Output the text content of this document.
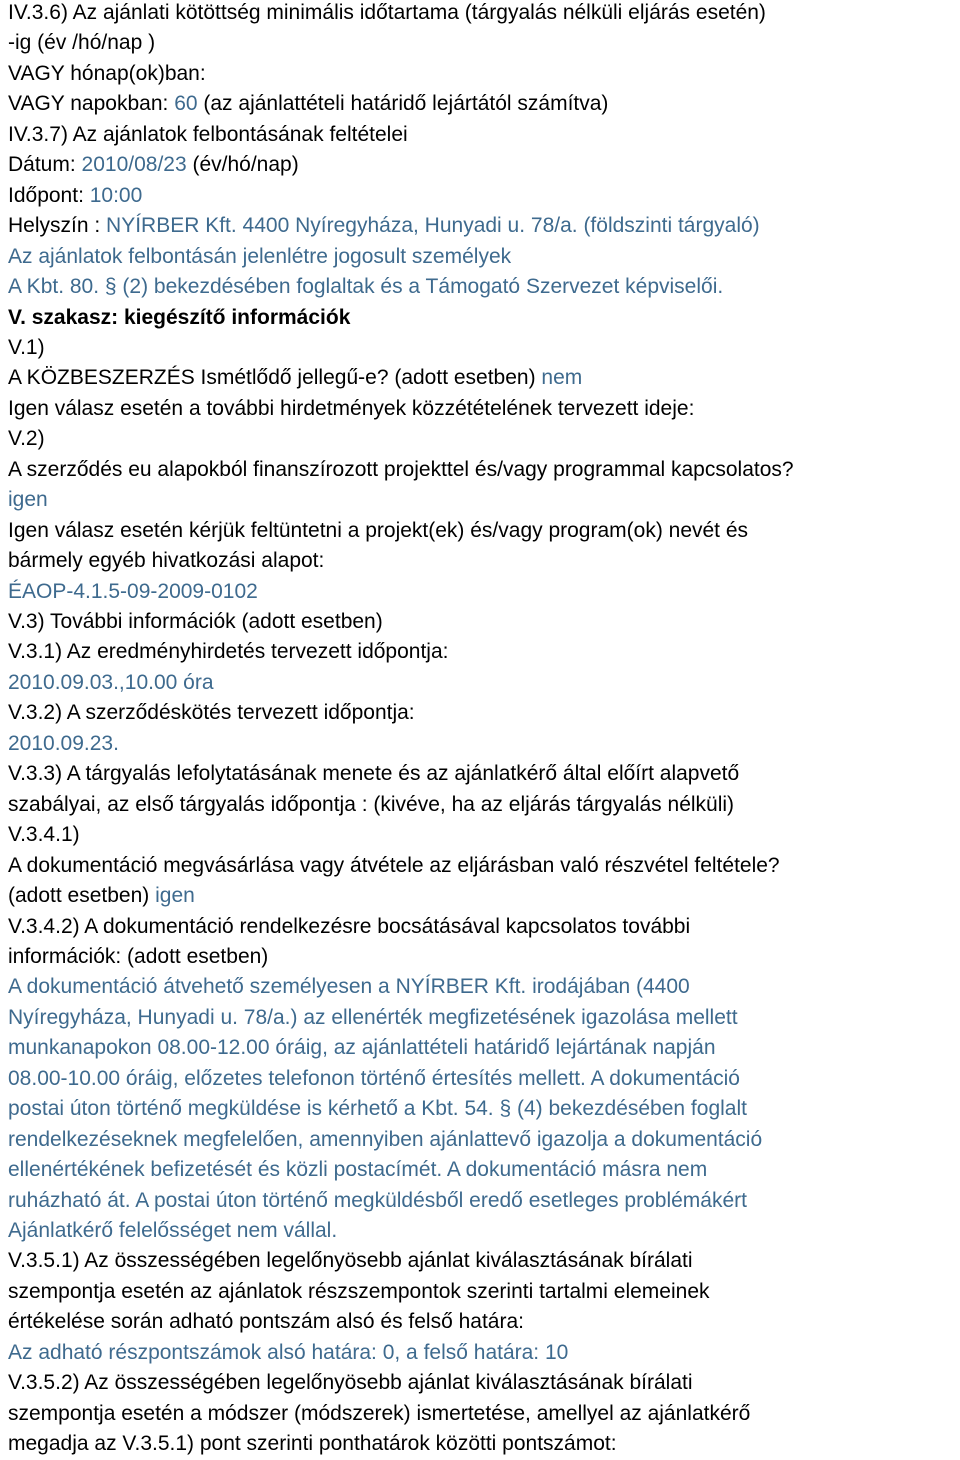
IV.3.6) Az ajánlati kötöttség minimális időtartama (tárgyalás nélküli eljárás esetén)

-ig (év /hó/nap )

VAGY hónap(ok)ban:

VAGY napokban: 60 (az ajánlattételi határidő lejártától számítva)

IV.3.7) Az ajánlatok felbontásának feltételei

Dátum: 2010/08/23 (év/hó/nap)

Időpont: 10:00

Helyszín : NYÍRBER Kft. 4400 Nyíregyháza, Hunyadi u. 78/a. (földszinti tárgyaló)

Az ajánlatok felbontásán jelenlétre jogosult személyek

A Kbt. 80. § (2) bekezdésében foglaltak és a Támogató Szervezet képviselői.

V. szakasz: kiegészítő információk

V.1)

A KÖZBESZERZÉS Ismétlődő jellegű-e? (adott esetben) nem

Igen válasz esetén a további hirdetmények közzétételének tervezett ideje:

V.2)

A szerződés eu alapokból finanszírozott projekttel és/vagy programmal kapcsolatos?

igen

Igen válasz esetén kérjük feltüntetni a projekt(ek) és/vagy program(ok) nevét és

bármely egyéb hivatkozási alapot:

ÉAOP-4.1.5-09-2009-0102

V.3) További információk (adott esetben)

V.3.1) Az eredményhirdetés tervezett időpontja:

2010.09.03.,10.00 óra

V.3.2) A szerződéskötés tervezett időpontja:

2010.09.23.

V.3.3) A tárgyalás lefolytatásának menete és az ajánlatkérő által előírt alapvető

szabályai, az első tárgyalás időpontja : (kivéve, ha az eljárás tárgyalás nélküli)

V.3.4.1)

A dokumentáció megvásárlása vagy átvétele az eljárásban való részvétel feltétele?

(adott esetben) igen

V.3.4.2) A dokumentáció rendelkezésre bocsátásával kapcsolatos további

információk: (adott esetben)

A dokumentáció átvehető személyesen a NYÍRBER Kft. irodájában (4400

Nyíregyháza, Hunyadi u. 78/a.) az ellenérték megfizetésének igazolása mellett

munkanapokon 08.00-12.00 óráig, az ajánlattételi határidő lejártának napján

08.00-10.00 óráig, előzetes telefonon történő értesítés mellett. A dokumentáció

postai úton történő megküldése is kérhető a Kbt. 54. § (4) bekezdésében foglalt

rendelkezéseknek megfelelően, amennyiben ajánlattevő igazolja a dokumentáció

ellenértékének befizetését és közli postacímét. A dokumentáció másra nem

ruházható át. A postai úton történő megküldésből eredő esetleges problémákért

Ajánlatkérő felelősséget nem vállal.

V.3.5.1) Az összességében legelőnyösebb ajánlat kiválasztásának bírálati

szempontja esetén az ajánlatok részszempontok szerinti tartalmi elemeinek

értékelése során adható pontszám alsó és felső határa:

Az adható részpontszámok alsó határa: 0, a felső határa: 10

V.3.5.2) Az összességében legelőnyösebb ajánlat kiválasztásának bírálati

szempontja esetén a módszer (módszerek) ismertetése, amellyel az ajánlatkérő

megadja az V.3.5.1) pont szerinti ponthatárok közötti pontszámot:
